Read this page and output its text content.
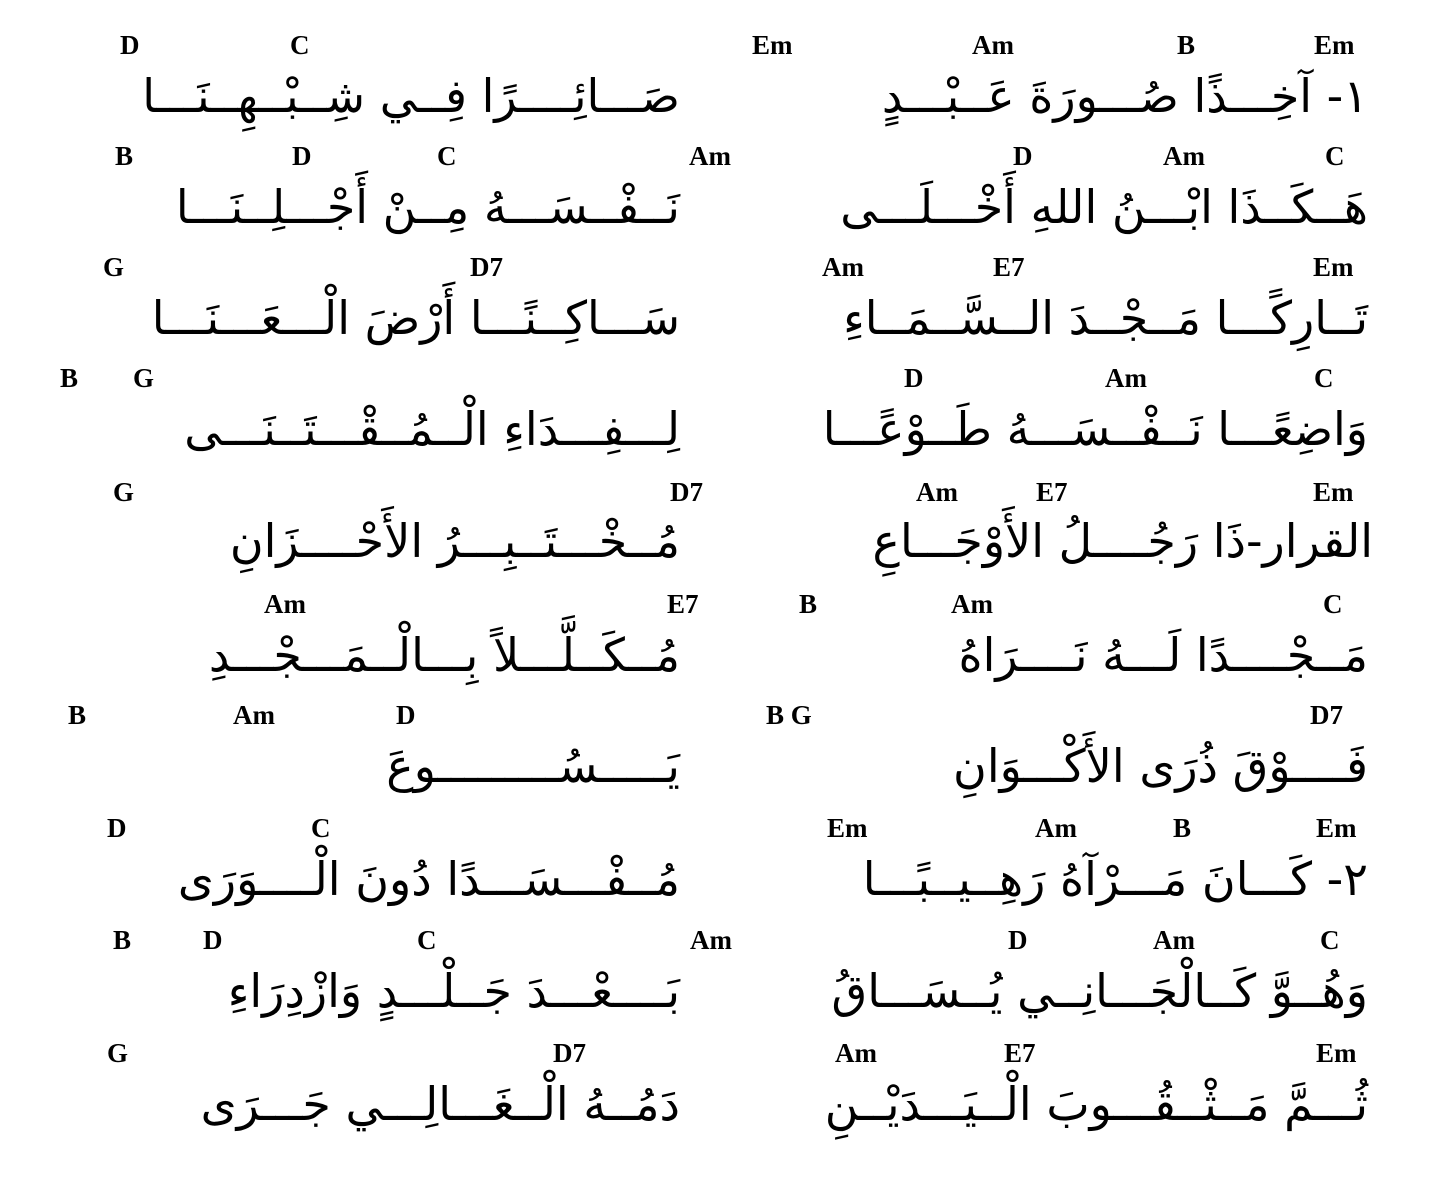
D	C	Em	Am	B	Em
صَـــائِــــرًا فِــي شِــبْــهِــنَـــا	١- آخِـــذًا صُـــورَةَ عَــبْـــدٍ
B	D	C	Am	D	Am	C
نَــفْــسَـــهُ مِــنْ أَجْـــلِــنَـــا	هَــكَــذَا ابْـــنُ اللهِ أَخْـــلَـــى
G	D7	Am	E7	Em
سَـــاكِــنًـــا أَرْضَ الْـــعَـــنَـــا	تَــارِكًـــا مَــجْــدَ الــسَّــمَــاءِ
B G	D	Am	C
لِـــفِـــدَاءِ الْــمُــقْـــتَــنَـــى	وَاضِعًـــا نَــفْــسَـــهُ طَــوْعًـــا
G	D7	Am	E7	Em
مُــخْـــتَــبِـــرُ الأَحْــــزَانِ	القرار-ذَا رَجُــــلُ الأَوْجَـــاعِ
Am	E7	B	Am	C
مُــكَــلَّـــلاً بِـــالْــمَـــجْـــدِ	مَــجْــــدًا لَـــهُ نَــــرَاهُ
B	Am	D	B G	D7
يَـــــسُـــــــــوعَ	فَــــوْقَ ذُرَى الأَكْـــوَانِ
D	C	Em	Am	B	Em
مُــفْـــسَـــدًا دُونَ الْــــوَرَى	٢- كَـــانَ مَـــرْآهُ رَهِــيــبًـــا
B	D	C	Am	D	Am	C
بَــــعْـــدَ جَــلْـــدٍ وَازْدِرَاءِ	وَهُــوَّ كَــالْجَـــانِــي يُــسَـــاقُ
G	D7	Am	E7	Em
دَمُــهُ الْــغَـــالِـــي جَـــرَى	ثُـــمَّ مَــثْــقُـــوبَ الْــيَـــدَيْــنِ
